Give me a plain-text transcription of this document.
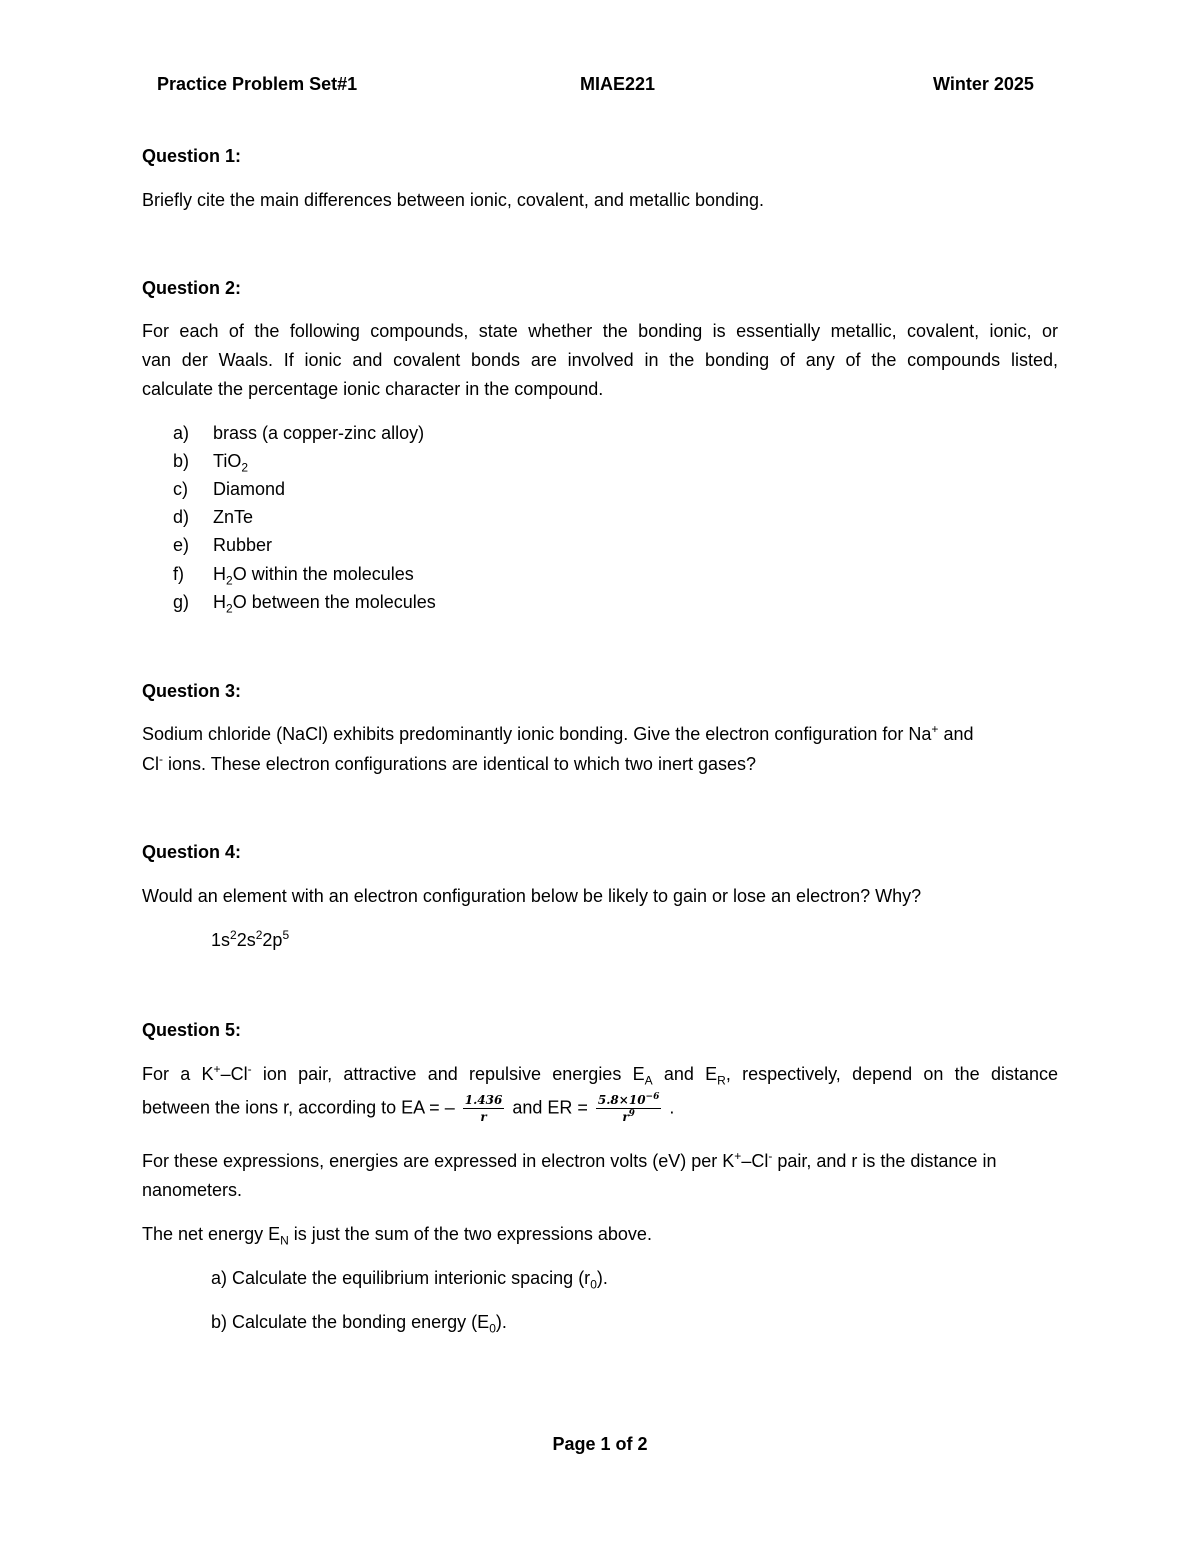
Practice Problem Set#1	MIAE221	Winter 2025
Question 1:
Briefly cite the main differences between ionic, covalent, and metallic bonding.
Question 2:
For each of the following compounds, state whether the bonding is essentially metallic, covalent, ionic, or
van der Waals. If ionic and covalent bonds are involved in the bonding of any of the compounds listed,
calculate the percentage ionic character in the compound.
a) brass (a copper-zinc alloy)
b) TiO$_2$
c) Diamond
d) ZnTe
e) Rubber
f) $H_2O$ within the molecules
g) $H_2O$ between the molecules
Question 3:
Sodium chloride (NaCl) exhibits predominantly ionic bonding. Give the electron configuration for Na+ and
Cl- ions. These electron configurations are identical to which two inert gases?
Question 4:
Would an element with an electron configuration below be likely to gain or lose an electron? Why?
$1s^22s^22p^5$
Question 5:
For a K+–Cl- ion pair, attractive and repulsive energies $E_A$ and $E_R$, respectively, depend on the distance
between the ions r, according to EA = – $\frac{1.436}{r}$ and ER = $\frac{5.8\times 10^{-6}}{r^9}$ .
For these expressions, energies are expressed in electron volts (eV) per K+–Cl- pair, and r is the distance in
nanometers.
The net energy $E_N$ is just the sum of the two expressions above.
a) Calculate the equilibrium interionic spacing $(r_0)$.
b) Calculate the bonding energy $(E_0)$.
Page 1 of 2
